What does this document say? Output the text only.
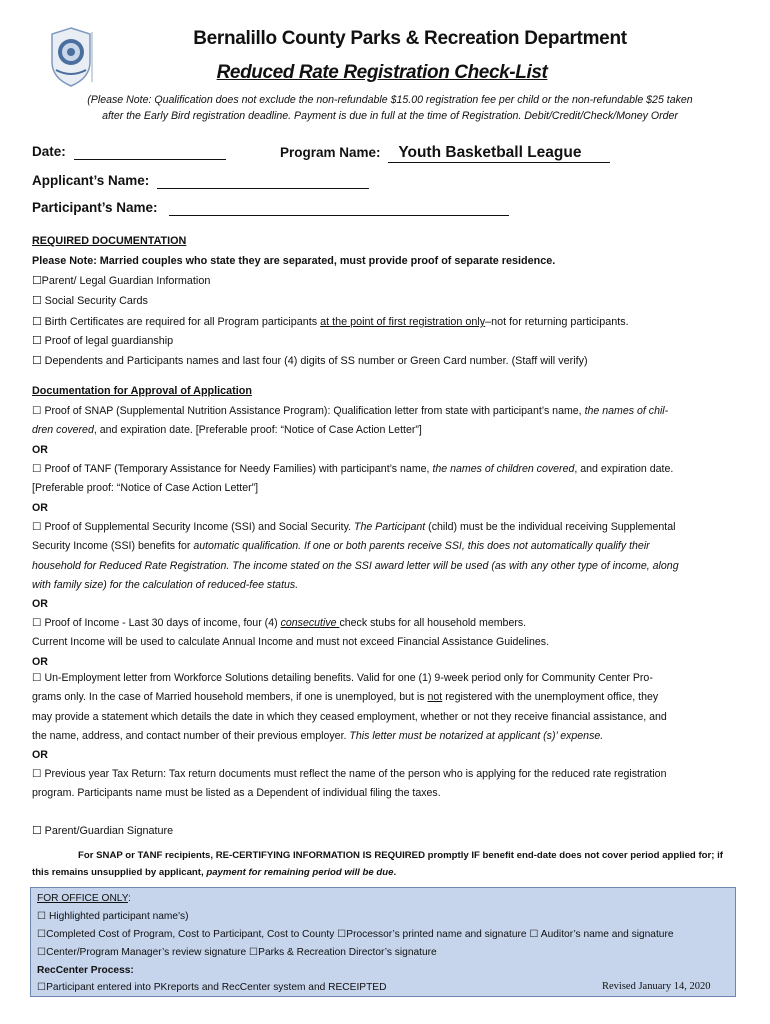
Bernalillo County Parks & Recreation Department
Reduced Rate Registration Check-List
(Please Note: Qualification does not exclude the non-refundable $15.00 registration fee per child or the non-refundable $25 taken
after the Early Bird registration deadline. Payment is due in full at the time of Registration. Debit/Credit/Check/Money Order
Date:	Program Name: Youth Basketball League
Applicant’s Name:
Participant’s Name:
REQUIRED DOCUMENTATION
Please Note: Married couples who state they are separated, must provide proof of separate residence.
☐Parent/ Legal Guardian Information
☐ Social Security Cards
☐ Birth Certificates are required for all Program participants at the point of first registration only–not for returning participants.
☐ Proof of legal guardianship
☐ Dependents and Participants names and last four (4) digits of SS number or Green Card number. (Staff will verify)
Documentation for Approval of Application
☐ Proof of SNAP (Supplemental Nutrition Assistance Program): Qualification letter from state with participant’s name, the names of chil-
dren covered, and expiration date. [Preferable proof: “Notice of Case Action Letter”]
OR
☐ Proof of TANF (Temporary Assistance for Needy Families) with participant’s name, the names of children covered, and expiration date.
[Preferable proof: “Notice of Case Action Letter”]
OR
☐ Proof of Supplemental Security Income (SSI) and Social Security. The Participant (child) must be the individual receiving Supplemental
Security Income (SSI) benefits for automatic qualification. If one or both parents receive SSI, this does not automatically qualify their
household for Reduced Rate Registration. The income stated on the SSI award letter will be used (as with any other type of income, along
with family size) for the calculation of reduced-fee status.
OR
☐ Proof of Income - Last 30 days of income, four (4) consecutive check stubs for all household members.
Current Income will be used to calculate Annual Income and must not exceed Financial Assistance Guidelines.
OR
☐ Un-Employment letter from Workforce Solutions detailing benefits. Valid for one (1) 9-week period only for Community Center Pro-
grams only. In the case of Married household members, if one is unemployed, but is not registered with the unemployment office, they
may provide a statement which details the date in which they ceased employment, whether or not they receive financial assistance, and
the name, address, and contact number of their previous employer. This letter must be notarized at applicant (s)’ expense.
OR
☐ Previous year Tax Return: Tax return documents must reflect the name of the person who is applying for the reduced rate registration
program. Participants name must be listed as a Dependent of individual filing the taxes.
☐ Parent/Guardian Signature
For SNAP or TANF recipients, RE-CERTIFYING INFORMATION IS REQUIRED promptly IF benefit end-date does not cover period applied for; if
this remains unsupplied by applicant, payment for remaining period will be due.
FOR OFFICE ONLY:
☐ Highlighted participant name's)
☐Completed Cost of Program, Cost to Participant, Cost to County ☐Processor’s printed name and signature ☐ Auditor’s name and signature
☐Center/Program Manager’s review signature ☐Parks & Recreation Director’s signature
RecCenter Process:
☐Participant entered into PKreports and RecCenter system and RECEIPTED	Revised January 14, 2020
